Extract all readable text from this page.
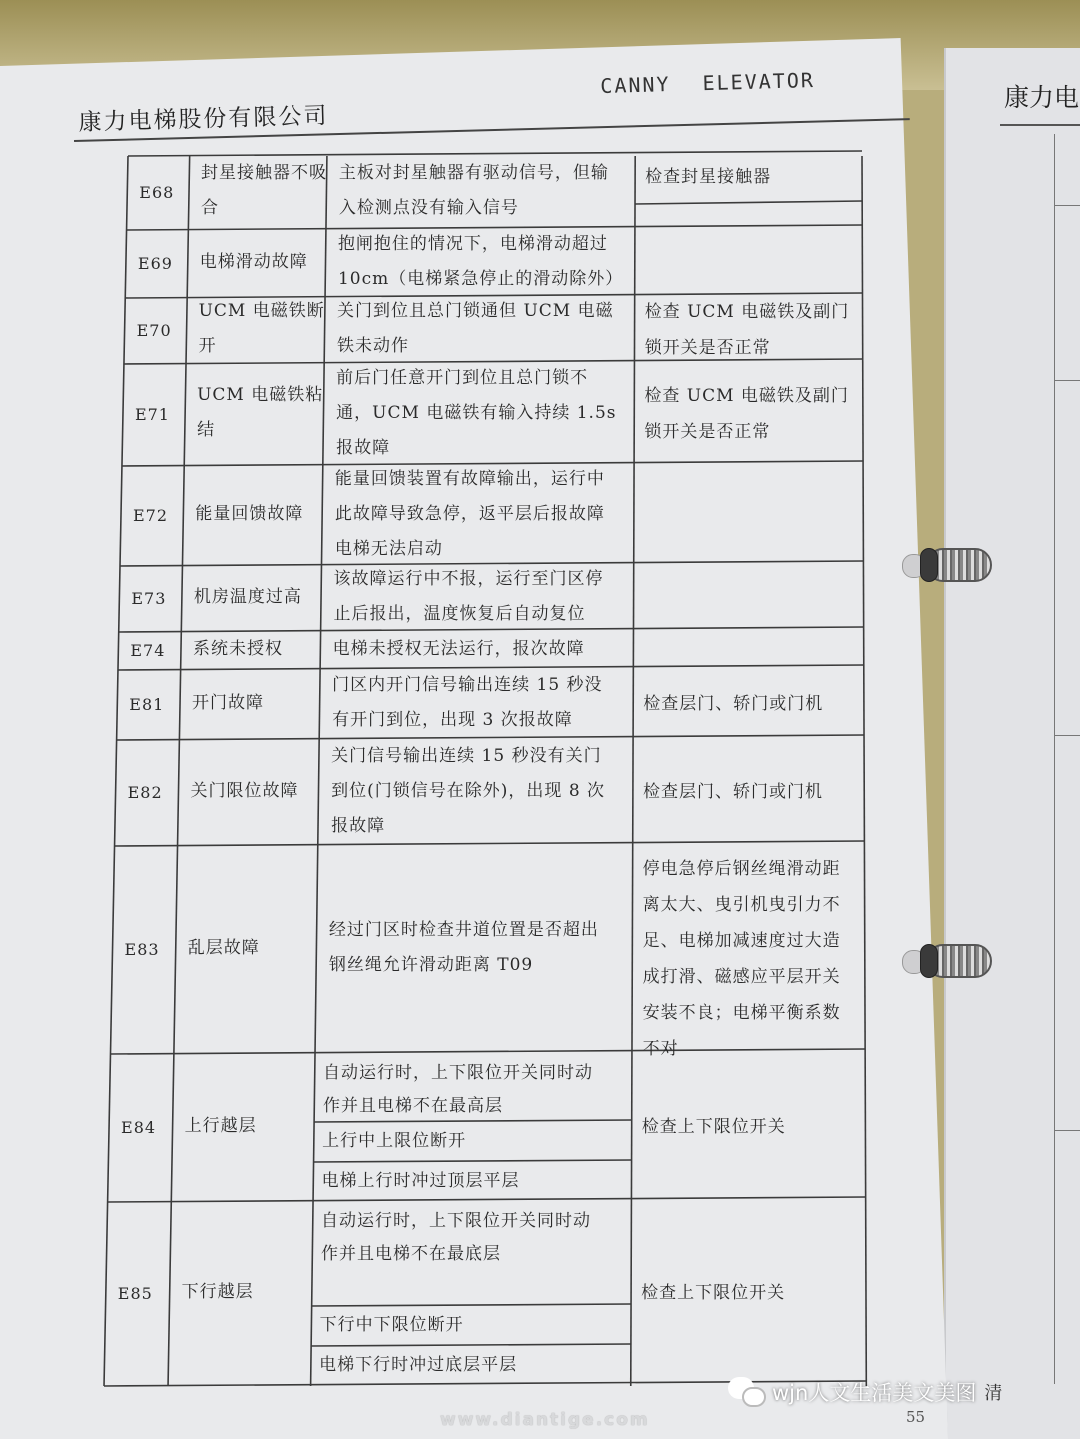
康力电
康力电梯股份有限公司
CANNY ELEVATOR
E68
封星接触器不吸
合
主板对封星触器有驱动信号，但输
入检测点没有输入信号
检查封星接触器
E69 电梯滑动故障
抱闸抱住的情况下，电梯滑动超过
10cm（电梯紧急停止的滑动除外）
E70
UCM 电磁铁断
开
关门到位且总门锁通但 UCM 电磁
铁未动作
检查 UCM 电磁铁及副门
锁开关是否正常
E71
UCM 电磁铁粘
结
前后门任意开门到位且总门锁不
通，UCM 电磁铁有输入持续 1.5s
报故障
检查 UCM 电磁铁及副门
锁开关是否正常
E72 能量回馈故障
能量回馈装置有故障输出，运行中
此故障导致急停，返平层后报故障
电梯无法启动
E73 机房温度过高
该故障运行中不报，运行至门区停
止后报出，温度恢复后自动复位
E74 系统未授权	电梯未授权无法运行，报次故障
E81 开门故障
门区内开门信号输出连续 15 秒没
有开门到位，出现 3 次报故障
检查层门、轿门或门机
E82 关门限位故障
关门信号输出连续 15 秒没有关门
到位(门锁信号在除外)，出现 8 次
报故障
检查层门、轿门或门机
E83 乱层故障
经过门区时检查井道位置是否超出
钢丝绳允许滑动距离 T09
停电急停后钢丝绳滑动距
离太大、曳引机曳引力不
足、电梯加减速度过大造
成打滑、磁感应平层开关
安装不良；电梯平衡系数
不对
E84 上行越层
自动运行时，上下限位开关同时动
作并且电梯不在最高层
上行中上限位断开
电梯上行时冲过顶层平层
检查上下限位开关
E85 下行越层
自动运行时，上下限位开关同时动
作并且电梯不在最底层
下行中下限位断开
电梯下行时冲过底层平层
检查上下限位开关
www.diantige.com	55
wjn人文生活美文美图 清
